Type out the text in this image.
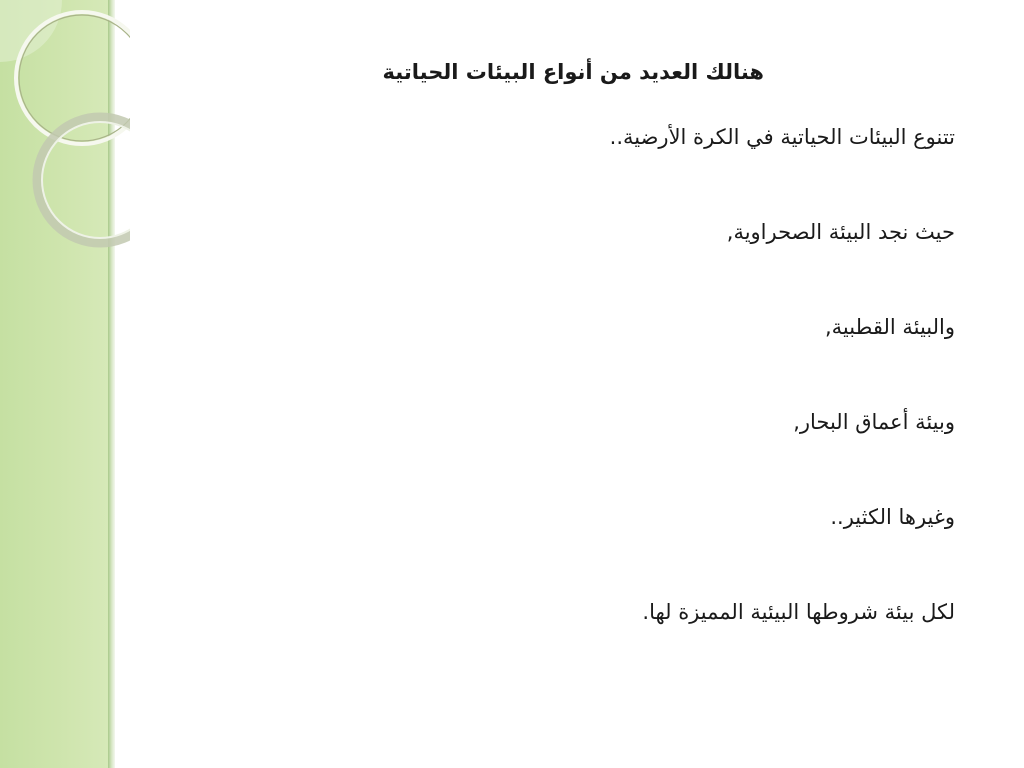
هنالك العديد من أنواع البيئات الحياتية
تتنوع البيئات الحياتية في الكرة الأرضية..
حيث نجد البيئة الصحراوية,
والبيئة القطبية,
وبيئة أعماق البحار,
وغيرها الكثير..
لكل بيئة شروطها البيئية المميزة لها.
